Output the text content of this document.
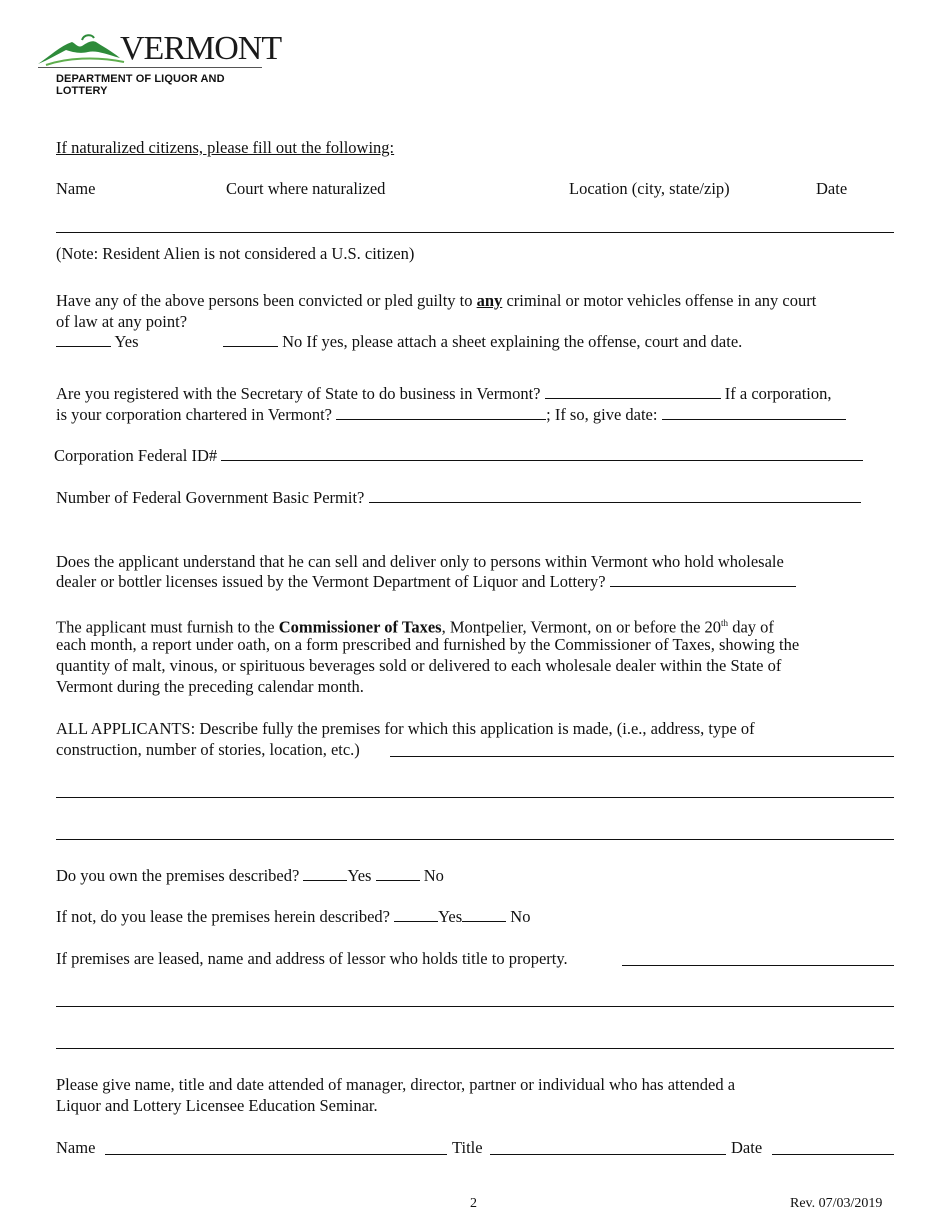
VERMONT
DEPARTMENT OF LIQUOR AND LOTTERY
If naturalized citizens, please fill out the following:
Name	Court where naturalized	Location (city, state/zip)	Date
(Note: Resident Alien is not considered a U.S. citizen)
Have any of the above persons been convicted or pled guilty to any criminal or motor vehicles offense in any court
of law at any point?
Yes	No If yes, please attach a sheet explaining the offense, court and date.
Are you registered with the Secretary of State to do business in Vermont?	If a corporation,
is your corporation chartered in Vermont?	; If so, give date:
Corporation Federal ID#
Number of Federal Government Basic Permit?
Does the applicant understand that he can sell and deliver only to persons within Vermont who hold wholesale
dealer or bottler licenses issued by the Vermont Department of Liquor and Lottery?
The applicant must furnish to the Commissioner of Taxes, Montpelier, Vermont, on or before the 20th day of
each month, a report under oath, on a form prescribed and furnished by the Commissioner of Taxes, showing the
quantity of malt, vinous, or spirituous beverages sold or delivered to each wholesale dealer within the State of
Vermont during the preceding calendar month.
ALL APPLICANTS: Describe fully the premises for which this application is made, (i.e., address, type of
construction, number of stories, location, etc.)
Do you own the premises described?	Yes	No
If not, do you lease the premises herein described?	Yes	No
If premises are leased, name and address of lessor who holds title to property.
Please give name, title and date attended of manager, director, partner or individual who has attended a
Liquor and Lottery Licensee Education Seminar.
Name	Title	Date
2	Rev. 07/03/2019
